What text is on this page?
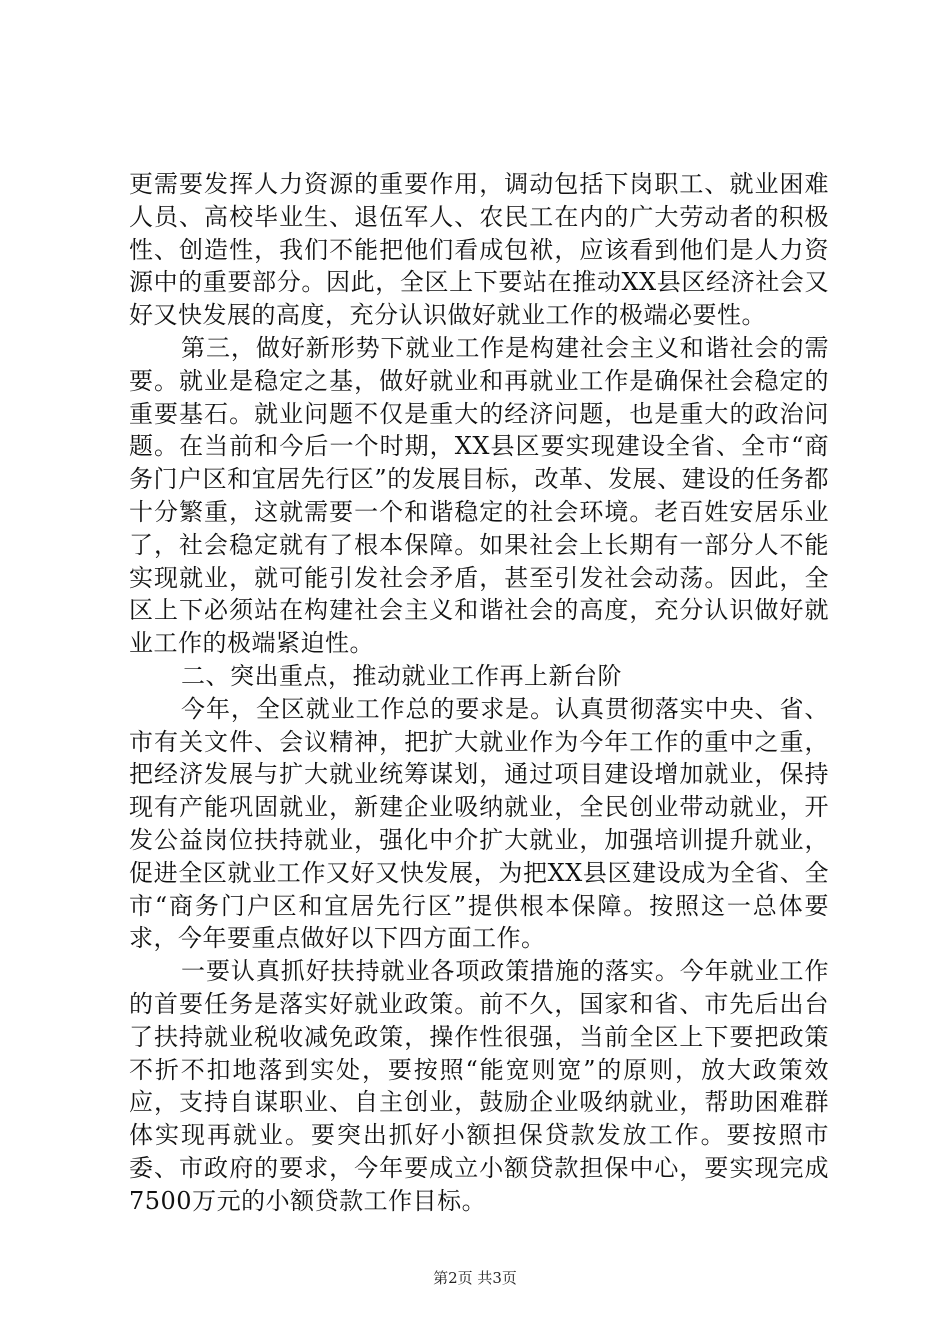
更需要发挥人力资源的重要作用，调动包括下岗职工、就业困难人员、高校毕业生、退伍军人、农民工在内的广大劳动者的积极性、创造性，我们不能把他们看成包袱，应该看到他们是人力资源中的重要部分。因此，全区上下要站在推动XX县区经济社会又好又快发展的高度，充分认识做好就业工作的极端必要性。

第三，做好新形势下就业工作是构建社会主义和谐社会的需要。就业是稳定之基，做好就业和再就业工作是确保社会稳定的重要基石。就业问题不仅是重大的经济问题，也是重大的政治问题。在当前和今后一个时期，XX县区要实现建设全省、全市“商务门户区和宜居先行区”的发展目标，改革、发展、建设的任务都十分繁重，这就需要一个和谐稳定的社会环境。老百姓安居乐业了，社会稳定就有了根本保障。如果社会上长期有一部分人不能实现就业，就可能引发社会矛盾，甚至引发社会动荡。因此，全区上下必须站在构建社会主义和谐社会的高度，充分认识做好就业工作的极端紧迫性。

二、突出重点，推动就业工作再上新台阶

今年，全区就业工作总的要求是。认真贯彻落实中央、省、市有关文件、会议精神，把扩大就业作为今年工作的重中之重，把经济发展与扩大就业统筹谋划，通过项目建设增加就业，保持现有产能巩固就业，新建企业吸纳就业，全民创业带动就业，开发公益岗位扶持就业，强化中介扩大就业，加强培训提升就业，促进全区就业工作又好又快发展，为把XX县区建设成为全省、全市“商务门户区和宜居先行区”提供根本保障。按照这一总体要求，今年要重点做好以下四方面工作。

一要认真抓好扶持就业各项政策措施的落实。今年就业工作的首要任务是落实好就业政策。前不久，国家和省、市先后出台了扶持就业税收减免政策，操作性很强，当前全区上下要把政策不折不扣地落到实处，要按照“能宽则宽”的原则，放大政策效应，支持自谋职业、自主创业，鼓励企业吸纳就业，帮助困难群体实现再就业。要突出抓好小额担保贷款发放工作。要按照市委、市政府的要求，今年要成立小额贷款担保中心，要实现完成7500万元的小额贷款工作目标。

第2页 共3页
